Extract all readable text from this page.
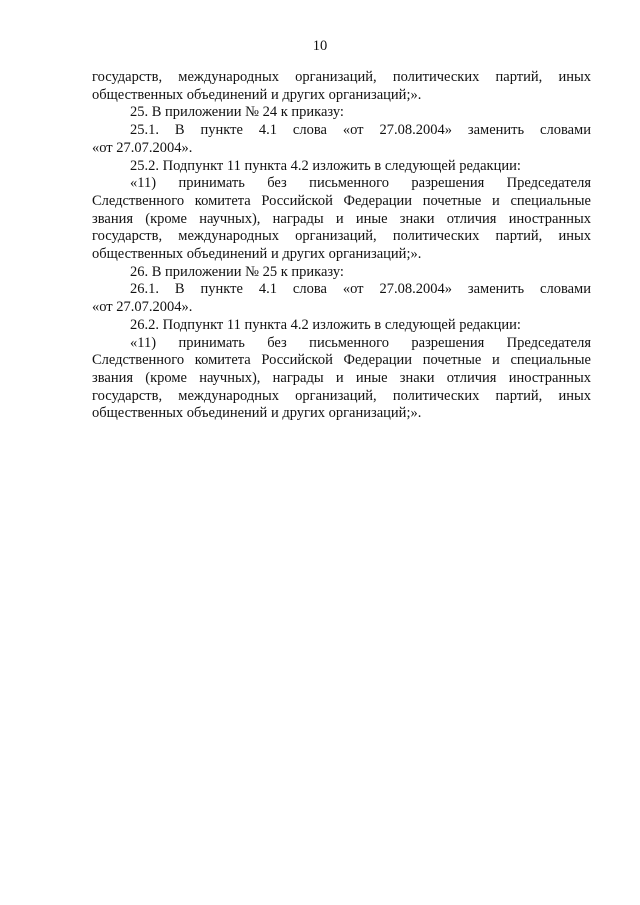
10

государств, международных организаций, политических партий, иных общественных объединений и других организаций;».

25. В приложении № 24 к приказу:

25.1. В пункте 4.1 слова «от 27.08.2004» заменить словами

«от 27.07.2004».

25.2. Подпункт 11 пункта 4.2 изложить в следующей редакции:

«11) принимать без письменного разрешения Председателя Следственного комитета Российской Федерации почетные и специальные звания (кроме научных), награды и иные знаки отличия иностранных государств, международных организаций, политических партий, иных общественных объединений и других организаций;».

26. В приложении № 25 к приказу:

26.1. В пункте 4.1 слова «от 27.08.2004» заменить словами

«от 27.07.2004».

26.2. Подпункт 11 пункта 4.2 изложить в следующей редакции:

«11) принимать без письменного разрешения Председателя Следственного комитета Российской Федерации почетные и специальные звания (кроме научных), награды и иные знаки отличия иностранных государств, международных организаций, политических партий, иных общественных объединений и других организаций;».
